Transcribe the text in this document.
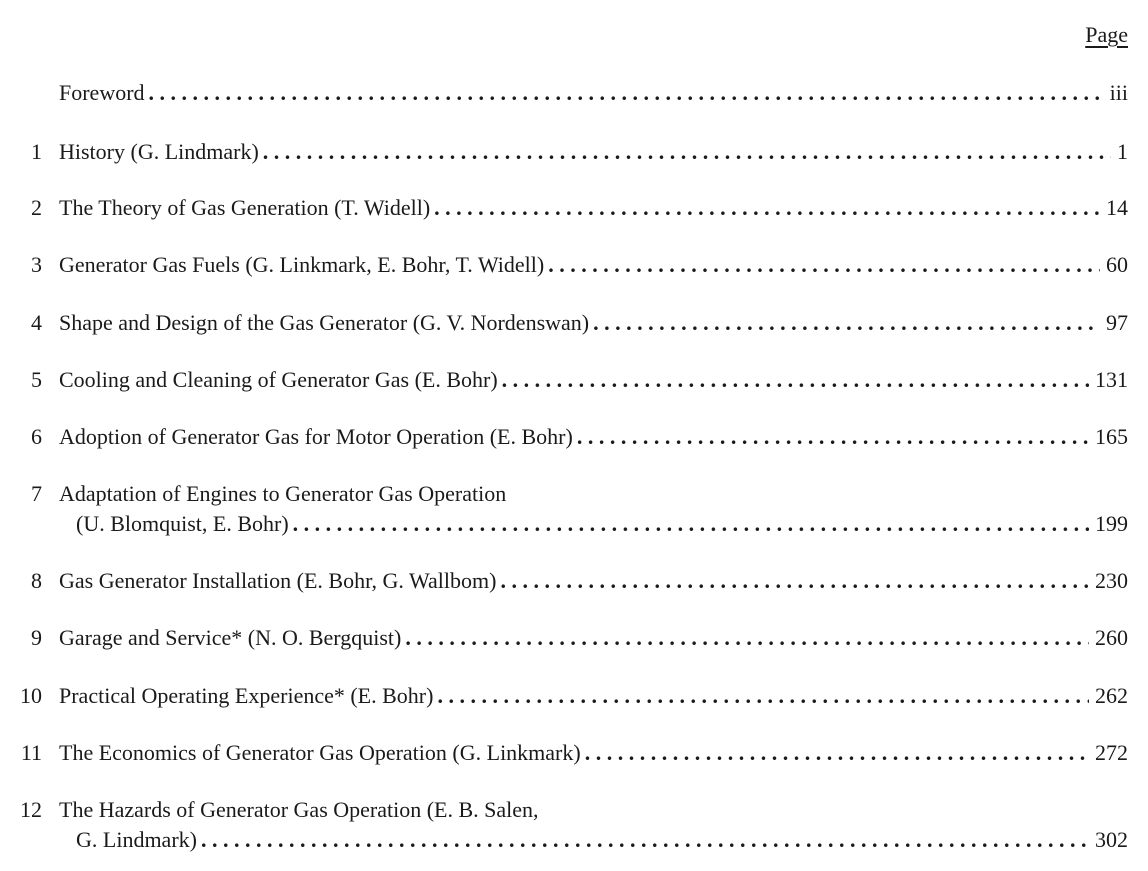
Page
Foreword . . .	iii
1 History (G. Lindmark) . . .	1
2 The Theory of Gas Generation (T. Widell) . . .	14
3 Generator Gas Fuels (G. Linkmark, E. Bohr, T. Widell) . . .	60
4 Shape and Design of the Gas Generator (G. V. Nordenswan) . . .	97
5 Cooling and Cleaning of Generator Gas (E. Bohr) . . .	131
6 Adoption of Generator Gas for Motor Operation (E. Bohr) . . .	165
7 Adaptation of Engines to Generator Gas Operation
(U. Blomquist, E. Bohr) . . .	199
8 Gas Generator Installation (E. Bohr, G. Wallbom) . . .	230
9 Garage and Service* (N. O. Bergquist) . . .	260
10 Practical Operating Experience* (E. Bohr) . . .	262
11 The Economics of Generator Gas Operation (G. Linkmark) . . .	272
12 The Hazards of Generator Gas Operation (E. B. Salen,
G. Lindmark) . . .	302
